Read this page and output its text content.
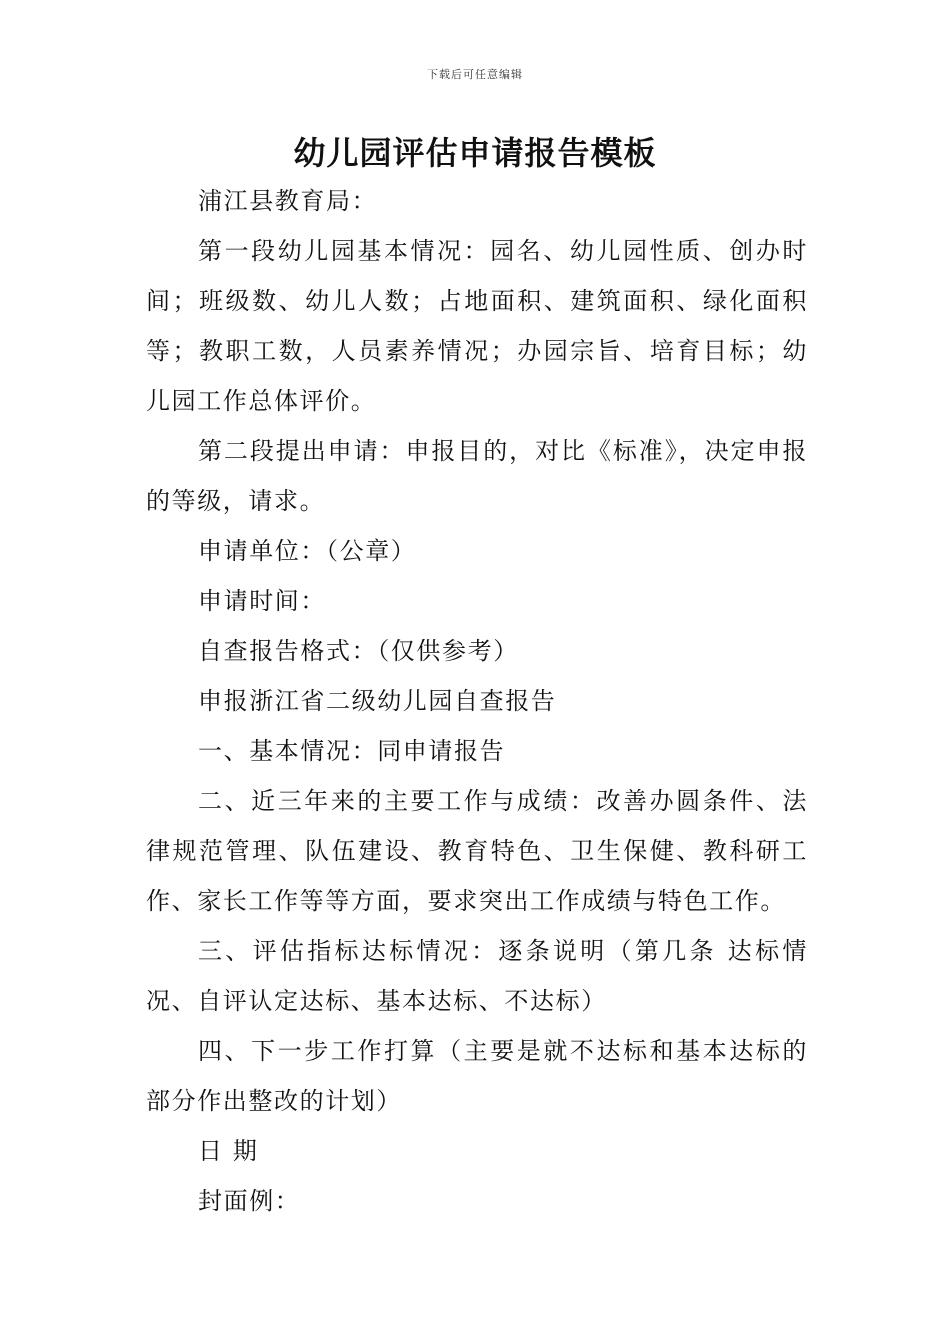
下载后可任意编辑
幼儿园评估申请报告模板

浦江县教育局：

第一段幼儿园基本情况：园名、幼儿园性质、创办时间；班级数、幼儿人数；占地面积、建筑面积、绿化面积等；教职工数，人员素养情况；办园宗旨、培育目标；幼儿园工作总体评价。

第二段提出申请：申报目的，对比《标准》，决定申报的等级，请求。

申请单位：（公章）

申请时间：

自查报告格式：（仅供参考）

申报浙江省二级幼儿园自查报告

一、基本情况：同申请报告

二、近三年来的主要工作与成绩：改善办圆条件、法律规范管理、队伍建设、教育特色、卫生保健、教科研工作、家长工作等等方面，要求突出工作成绩与特色工作。

三、评估指标达标情况：逐条说明（第几条 达标情况、自评认定达标、基本达标、不达标）

四、下一步工作打算（主要是就不达标和基本达标的部分作出整改的计划）

日 期

封面例：
